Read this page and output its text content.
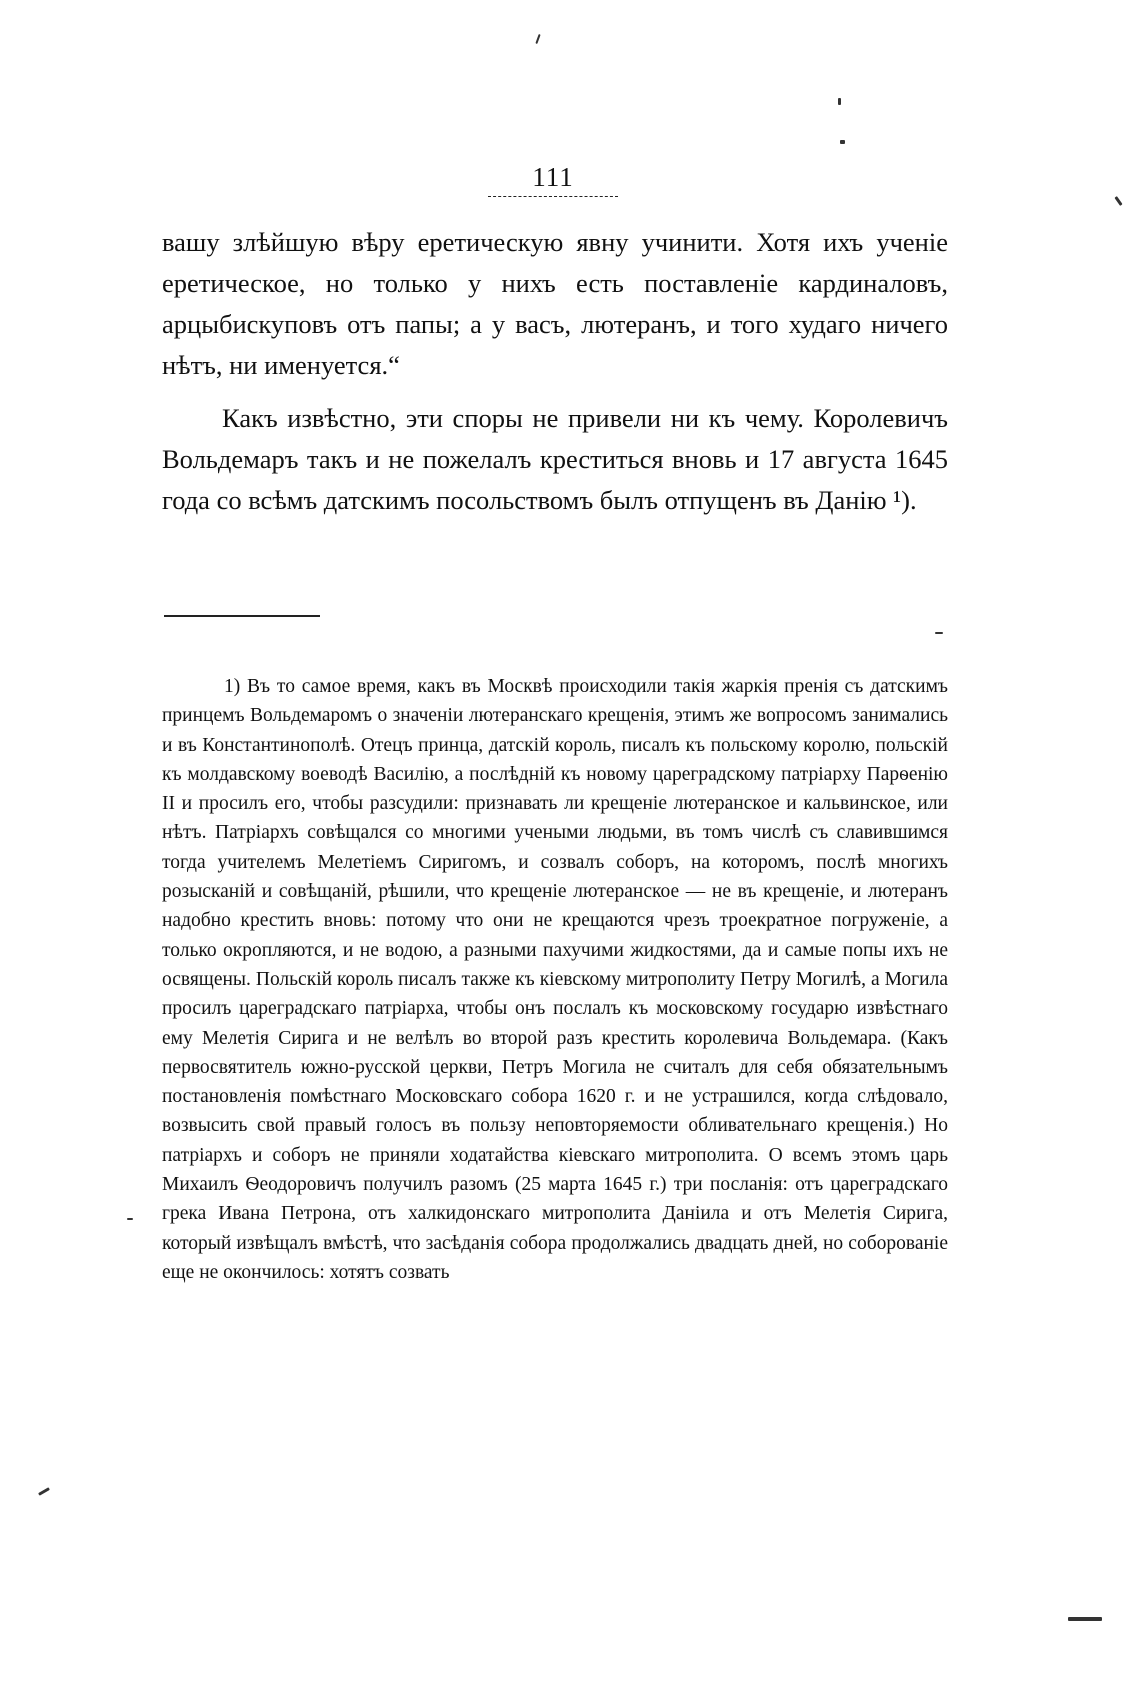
111

вашу злѣйшую вѣру еретическую явну учинити. Хотя ихъ ученіе еретическое, но только у нихъ есть поставленіе кардиналовъ, арцыбискуповъ отъ папы; а у васъ, лютеранъ, и того худаго ничего нѣтъ, ни именуется.“

Какъ извѣстно, эти споры не привели ни къ чему. Королевичъ Вольдемаръ такъ и не пожелалъ креститься вновь и 17 августа 1645 года со всѣмъ датскимъ посольствомъ былъ отпущенъ въ Данію ¹).

1) Въ то самое время, какъ въ Москвѣ происходили такія жаркія пренія съ датскимъ принцемъ Вольдемаромъ о значеніи лютеранскаго крещенія, этимъ же вопросомъ занимались и въ Константинополѣ. Отецъ принца, датскій король, писалъ къ польскому королю, польскій къ молдавскому воеводѣ Василію, а послѣдній къ новому цареградскому патріарху Парѳенію II и просилъ его, чтобы разсудили: признавать ли крещеніе лютеранское и кальвинское, или нѣтъ. Патріархъ совѣщался со многими учеными людьми, въ томъ числѣ съ славившимся тогда учителемъ Мелетіемъ Сиригомъ, и созвалъ соборъ, на которомъ, послѣ многихъ розысканій и совѣщаній, рѣшили, что крещеніе лютеранское — не въ крещеніе, и лютеранъ надобно крестить вновь: потому что они не крещаются чрезъ троекратное погруженіе, а только окропляются, и не водою, а разными пахучими жидкостями, да и самые попы ихъ не освящены. Польскій король писалъ также къ кіевскому митрополиту Петру Могилѣ, а Могила просилъ цареградскаго патріарха, чтобы онъ послалъ къ московскому государю извѣстнаго ему Мелетія Сирига и не велѣлъ во второй разъ крестить королевича Вольдемара. (Какъ первосвятитель южно-русской церкви, Петръ Могила не считалъ для себя обязательнымъ постановленія помѣстнаго Московскаго собора 1620 г. и не устрашился, когда слѣдовало, возвысить свой правый голосъ въ пользу неповторяемости обливательнаго крещенія.) Но патріархъ и соборъ не приняли ходатайства кіевскаго митрополита. О всемъ этомъ царь Михаилъ Ѳеодоровичъ получилъ разомъ (25 марта 1645 г.) три посланія: отъ цареградскаго грека Ивана Петрона, отъ халкидонскаго митрополита Даніила и отъ Мелетія Сирига, который извѣщалъ вмѣстѣ, что засѣданія собора продолжались двадцать дней, но соборованіе еще не окончилось: хотятъ созвать
